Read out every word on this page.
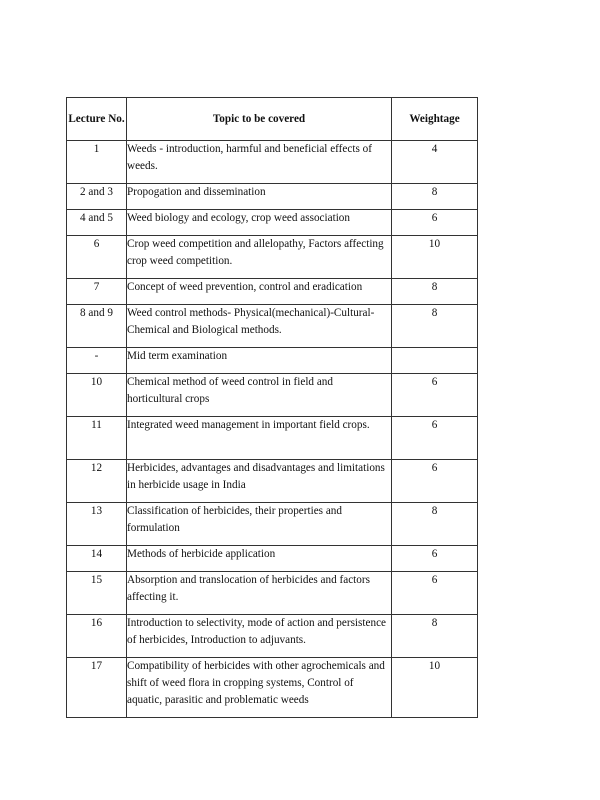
Lecture No.	Topic to be covered	Weightage
1	Weeds - introduction, harmful and beneficial effects of weeds.	4
2 and 3	Propogation and dissemination	8
4 and 5	Weed biology and ecology, crop weed association	6
6	Crop weed competition and allelopathy, Factors affecting crop weed competition.	10
7	Concept of weed prevention, control and eradication	8
8 and 9	Weed control methods- Physical(mechanical)-Cultural-Chemical and Biological methods.	8
-	Mid term examination	
10	Chemical method of weed control in field and horticultural crops	6
11	Integrated weed management in important field crops.	6
12	Herbicides, advantages and disadvantages and limitations in herbicide usage in India	6
13	Classification of herbicides, their properties and formulation	8
14	Methods of herbicide application	6
15	Absorption and translocation of herbicides and factors affecting it.	6
16	Introduction to selectivity, mode of action and persistence of herbicides, Introduction to adjuvants.	8
17	Compatibility of herbicides with other agrochemicals and shift of weed flora in cropping systems, Control of aquatic, parasitic and problematic weeds	10
